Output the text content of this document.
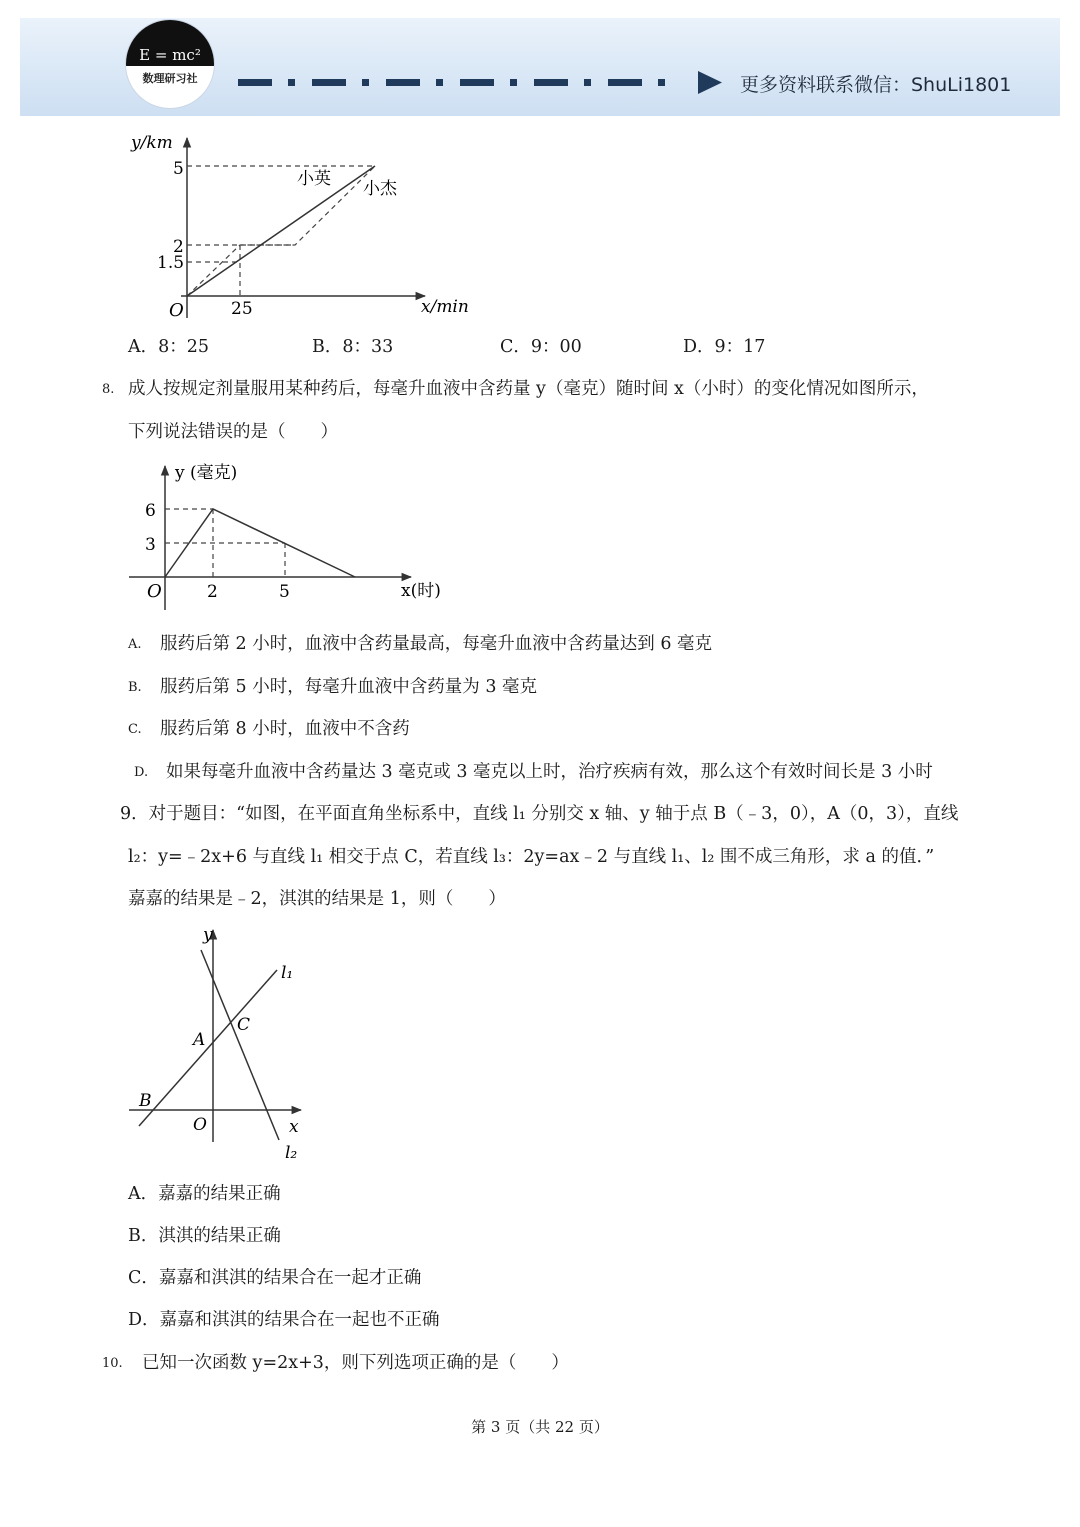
E = mc²
数理研习社	更多资料联系微信：ShuLi1801
y/km
5
2
1.5
25
O	x/min
小英 小杰
A．8：25	B．8：33	C．9：00	D．9：17
8. 成人按规定剂量服用某种药后，每毫升血液中含药量 y（毫克）随时间 x（小时）的变化情况如图所示，
下列说法错误的是（　　）
y (毫克)
6
3
2	5
O	x(时)
A. 服药后第 2 小时，血液中含药量最高，每毫升血液中含药量达到 6 毫克
B. 服药后第 5 小时，每毫升血液中含药量为 3 毫克
C. 服药后第 8 小时，血液中不含药
D. 如果每毫升血液中含药量达 3 毫克或 3 毫克以上时，治疗疾病有效，那么这个有效时间长是 3 小时
9．对于题目：“如图，在平面直角坐标系中，直线 l₁ 分别交 x 轴、y 轴于点 B（﹣3，0），A（0，3），直线
l₂：y=﹣2x+6 与直线 l₁ 相交于点 C，若直线 l₃：2y=ax﹣2 与直线 l₁、l₂ 围不成三角形，求 a 的值．”
嘉嘉的结果是﹣2，淇淇的结果是 1，则（　　）
y
x
O
A
B
C
l₁
l₂
A．嘉嘉的结果正确
B．淇淇的结果正确
C．嘉嘉和淇淇的结果合在一起才正确
D．嘉嘉和淇淇的结果合在一起也不正确
10. 已知一次函数 y=2x+3，则下列选项正确的是（　　）
第 3 页（共 22 页）
